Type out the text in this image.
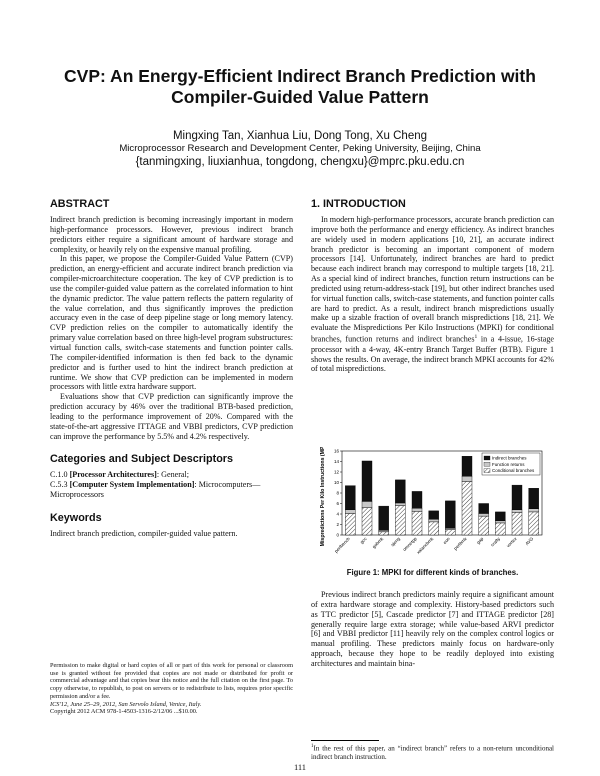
CVP: An Energy-Efficient Indirect Branch Prediction with
Compiler-Guided Value Pattern
Mingxing Tan, Xianhua Liu, Dong Tong, Xu Cheng
Microprocessor Research and Development Center, Peking University, Beijing, China
{tanmingxing, liuxianhua, tongdong, chengxu}@mprc.pku.edu.cn
ABSTRACT

Indirect branch prediction is becoming increasingly important in modern high-performance processors. However, previous indirect branch predictors either require a significant amount of hardware storage and complexity, or heavily rely on the expensive manual profiling.

In this paper, we propose the Compiler-Guided Value Pattern (CVP) prediction, an energy-efficient and accurate indirect branch prediction via compiler-microarchitecture cooperation. The key of CVP prediction is to use the compiler-guided value pattern as the correlated information to hint the dynamic predictor. The value pattern reflects the pattern regularity of the value correlation, and thus significantly improves the prediction accuracy even in the case of deep pipeline stage or long memory latency. CVP prediction relies on the compiler to automatically identify the primary value correlation based on three high-level program substructures: virtual function calls, switch-case statements and function pointer calls. The compiler-identified information is then fed back to the dynamic predictor and is further used to hint the indirect branch prediction at runtime. We show that CVP prediction can be implemented in modern processors with little extra hardware support.

Evaluations show that CVP prediction can significantly improve the prediction accuracy by 46% over the traditional BTB-based prediction, leading to the performance improvement of 20%. Compared with the state-of-the-art aggressive ITTAGE and VBBI predictors, CVP prediction can improve the performance by 5.5% and 4.2% respectively.

Categories and Subject Descriptors
C.1.0 [Processor Architectures]: General;
C.5.3 [Computer System Implementation]: Microcomputers—Microprocessors
Keywords

Indirect branch prediction, compiler-guided value pattern.

Permission to make digital or hard copies of all or part of this work for personal or classroom use is granted without fee provided that copies are not made or distributed for profit or commercial advantage and that copies bear this notice and the full citation on the first page. To copy otherwise, to republish, to post on servers or to redistribute to lists, requires prior specific permission and/or a fee.
ICS'12, June 25–29, 2012, San Servolo Island, Venice, Italy.
Copyright 2012 ACM 978-1-4503-1316-2/12/06 ...$10.00.
1. INTRODUCTION

In modern high-performance processors, accurate branch prediction can improve both the performance and energy efficiency. As indirect branches are widely used in modern applications [10, 21], an accurate indirect branch predictor is becoming an important component of modern processors [14]. Unfortunately, indirect branches are hard to predict because each indirect branch may correspond to multiple targets [18, 21]. As a special kind of indirect branches, function return instructions can be predicted using return-address-stack [19], but other indirect branches used for virtual function calls, switch-case statements, and function pointer calls are hard to predict. As a result, indirect branch mispredictions usually make up a sizable fraction of overall branch mispredictions [18, 21]. We evaluate the Mispredictions Per Kilo Instructions (MPKI) for conditional branches, function returns and indirect branches$^1$ in a 4-issue, 16-stage processor with a 4-way, 4K-entry Branch Target Buffer (BTB). Figure 1 shows the results. On average, the indirect branch MPKI accounts for 42% of total mispredictions.

0
2
4
6
8
10
12
14
16
Mispredictions Per Kilo Instructions (MPKI) perlbench gcc gobmk sjeng omnetpp
xalancbmk eon perlbmk gap crafty vortex AVG
Indirect branches
Function returns
Conditional branches
Figure 1: MPKI for different kinds of branches.

Previous indirect branch predictors mainly require a significant amount of extra hardware storage and complexity. History-based predictors such as TTC predictor [5], Cascade predictor [7] and ITTAGE predictor [28] generally require large extra storage; while value-based ARVI predictor [6] and VBBI predictor [11] heavily rely on the complex control logics or manual profiling. These predictors mainly focus on hardware-only approach, because they hope to be readily deployed into existing architectures and maintain bina-

$^1$In the rest of this paper, an “indirect branch” refers to a non-return unconditional indirect branch instruction.
111
